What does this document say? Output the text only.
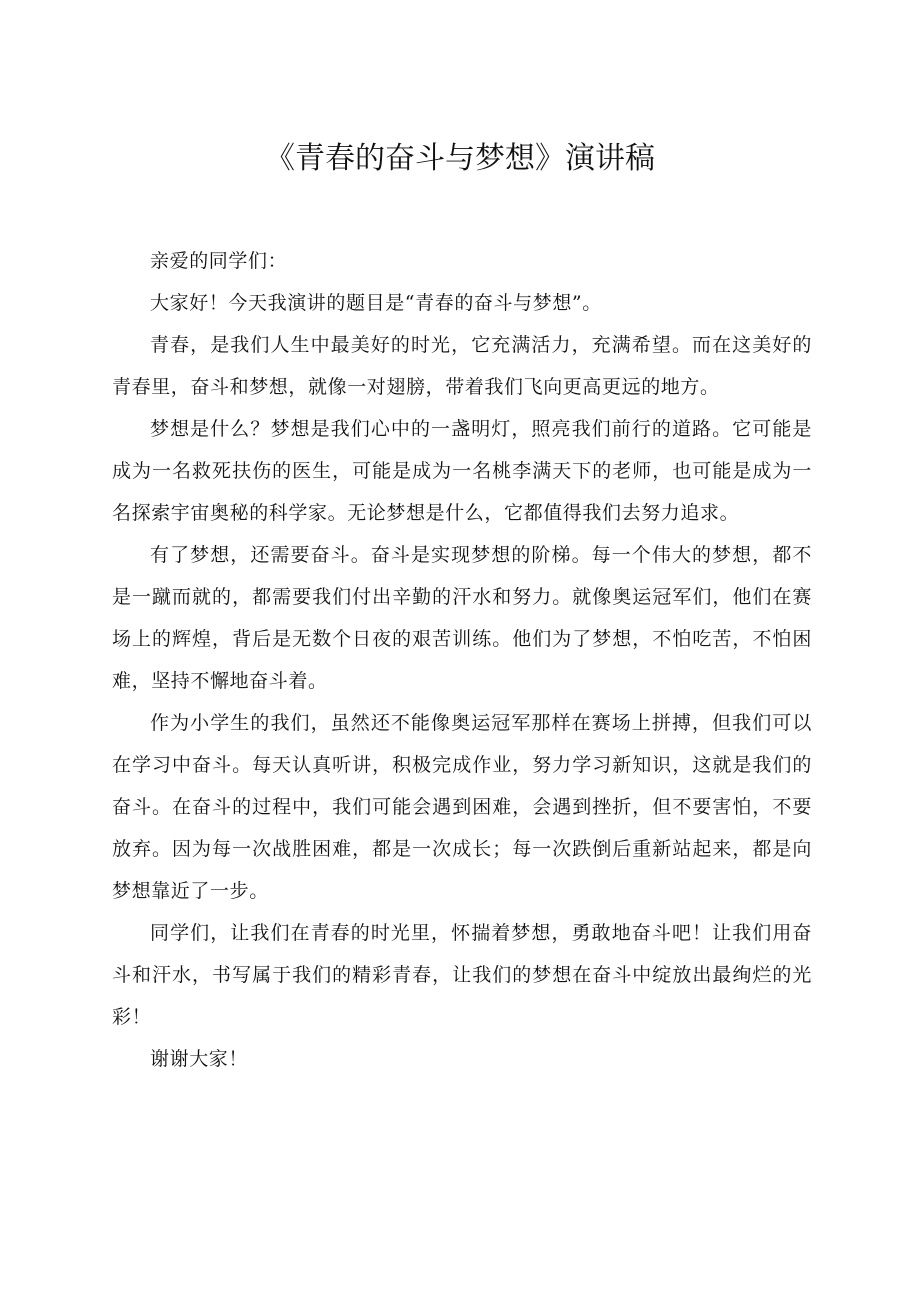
《青春的奋斗与梦想》演讲稿

亲爱的同学们：

大家好！今天我演讲的题目是“青春的奋斗与梦想”。

青春，是我们人生中最美好的时光，它充满活力，充满希望。而在这美好的青春里，奋斗和梦想，就像一对翅膀，带着我们飞向更高更远的地方。

梦想是什么？梦想是我们心中的一盏明灯，照亮我们前行的道路。它可能是成为一名救死扶伤的医生，可能是成为一名桃李满天下的老师，也可能是成为一名探索宇宙奥秘的科学家。无论梦想是什么，它都值得我们去努力追求。

有了梦想，还需要奋斗。奋斗是实现梦想的阶梯。每一个伟大的梦想，都不是一蹴而就的，都需要我们付出辛勤的汗水和努力。就像奥运冠军们，他们在赛场上的辉煌，背后是无数个日夜的艰苦训练。他们为了梦想，不怕吃苦，不怕困难，坚持不懈地奋斗着。

作为小学生的我们，虽然还不能像奥运冠军那样在赛场上拼搏，但我们可以在学习中奋斗。每天认真听讲，积极完成作业，努力学习新知识，这就是我们的奋斗。在奋斗的过程中，我们可能会遇到困难，会遇到挫折，但不要害怕，不要放弃。因为每一次战胜困难，都是一次成长；每一次跌倒后重新站起来，都是向梦想靠近了一步。

同学们，让我们在青春的时光里，怀揣着梦想，勇敢地奋斗吧！让我们用奋斗和汗水，书写属于我们的精彩青春，让我们的梦想在奋斗中绽放出最绚烂的光彩！

谢谢大家！
